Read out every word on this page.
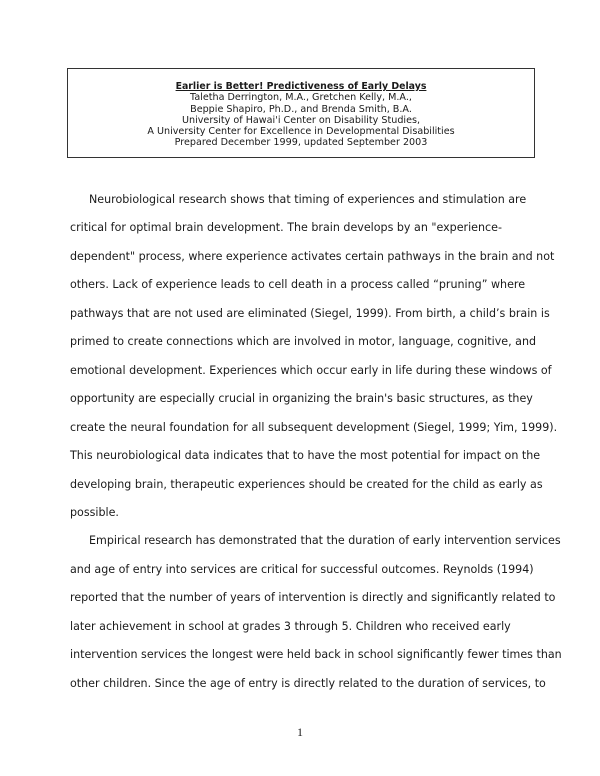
Earlier is Better! Predictiveness of Early Delays
Taletha Derrington, M.A., Gretchen Kelly, M.A.,
Beppie Shapiro, Ph.D., and Brenda Smith, B.A.
University of Hawai'i Center on Disability Studies,
A University Center for Excellence in Developmental Disabilities
Prepared December 1999, updated September 2003
Neurobiological research shows that timing of experiences and stimulation are
critical for optimal brain development. The brain develops by an "experience-
dependent" process, where experience activates certain pathways in the brain and not
others. Lack of experience leads to cell death in a process called “pruning” where
pathways that are not used are eliminated (Siegel, 1999). From birth, a child’s brain is
primed to create connections which are involved in motor, language, cognitive, and
emotional development. Experiences which occur early in life during these windows of
opportunity are especially crucial in organizing the brain's basic structures, as they
create the neural foundation for all subsequent development (Siegel, 1999; Yim, 1999).
This neurobiological data indicates that to have the most potential for impact on the
developing brain, therapeutic experiences should be created for the child as early as
possible.
Empirical research has demonstrated that the duration of early intervention services
and age of entry into services are critical for successful outcomes. Reynolds (1994)
reported that the number of years of intervention is directly and significantly related to
later achievement in school at grades 3 through 5. Children who received early
intervention services the longest were held back in school significantly fewer times than
other children. Since the age of entry is directly related to the duration of services, to
1
